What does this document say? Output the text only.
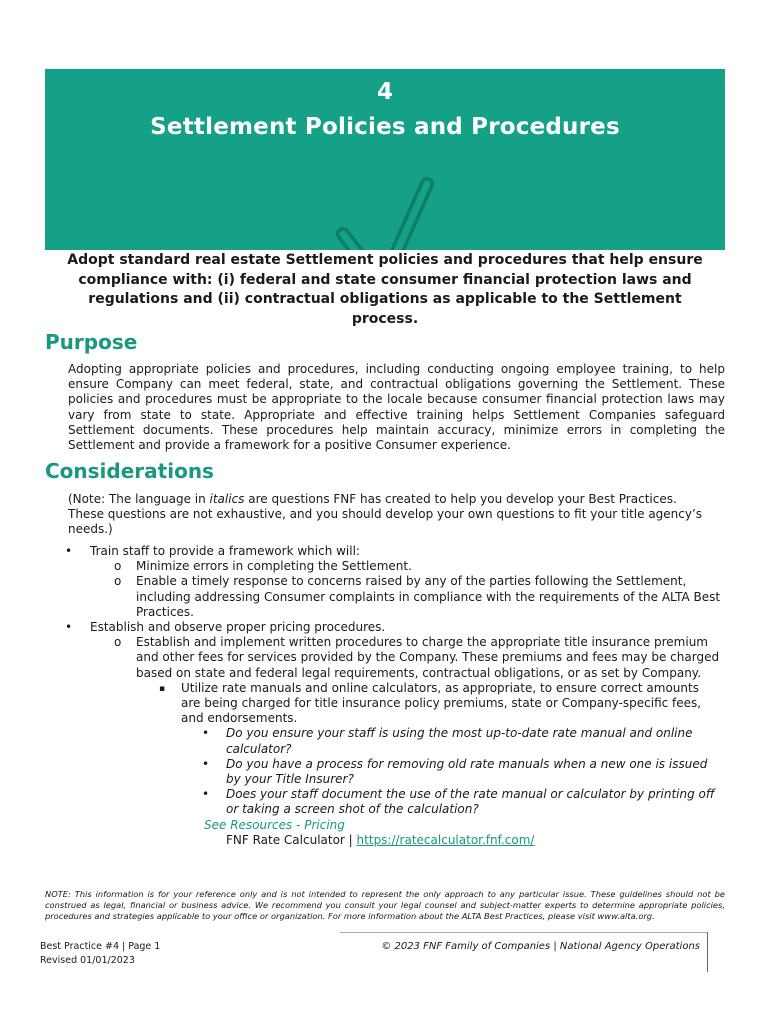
4
Settlement Policies and Procedures
Adopt standard real estate Settlement policies and procedures that help ensure compliance with: (i) federal and state consumer financial protection laws and regulations and (ii) contractual obligations as applicable to the Settlement process.
Purpose

Adopting appropriate policies and procedures, including conducting ongoing employee training, to help ensure Company can meet federal, state, and contractual obligations governing the Settlement. These policies and procedures must be appropriate to the locale because consumer financial protection laws may vary from state to state. Appropriate and effective training helps Settlement Companies safeguard Settlement documents. These procedures help maintain accuracy, minimize errors in completing the Settlement and provide a framework for a positive Consumer experience.

Considerations

(Note: The language in italics are questions FNF has created to help you develop your Best Practices. These questions are not exhaustive, and you should develop your own questions to fit your title agency’s needs.)

• Train staff to provide a framework which will:
o Minimize errors in completing the Settlement.
o Enable a timely response to concerns raised by any of the parties following the Settlement, including addressing Consumer complaints in compliance with the requirements of the ALTA Best Practices.
• Establish and observe proper pricing procedures.
o Establish and implement written procedures to charge the appropriate title insurance premium and other fees for services provided by the Company. These premiums and fees may be charged based on state and federal legal requirements, contractual obligations, or as set by Company.
▪ Utilize rate manuals and online calculators, as appropriate, to ensure correct amounts are being charged for title insurance policy premiums, state or Company-specific fees, and endorsements.
• Do you ensure your staff is using the most up-to-date rate manual and online calculator?
• Do you have a process for removing old rate manuals when a new one is issued by your Title Insurer?
• Does your staff document the use of the rate manual or calculator by printing off or taking a screen shot of the calculation?
See Resources - Pricing
FNF Rate Calculator | https://ratecalculator.fnf.com/

NOTE: This information is for your reference only and is not intended to represent the only approach to any particular issue. These guidelines should not be construed as legal, financial or business advice. We recommend you consult your legal counsel and subject-matter experts to determine appropriate policies, procedures and strategies applicable to your office or organization. For more information about the ALTA Best Practices, please visit www.alta.org.

Best Practice #4 | Page 1
Revised 01/01/2023
© 2023 FNF Family of Companies | National Agency Operations
